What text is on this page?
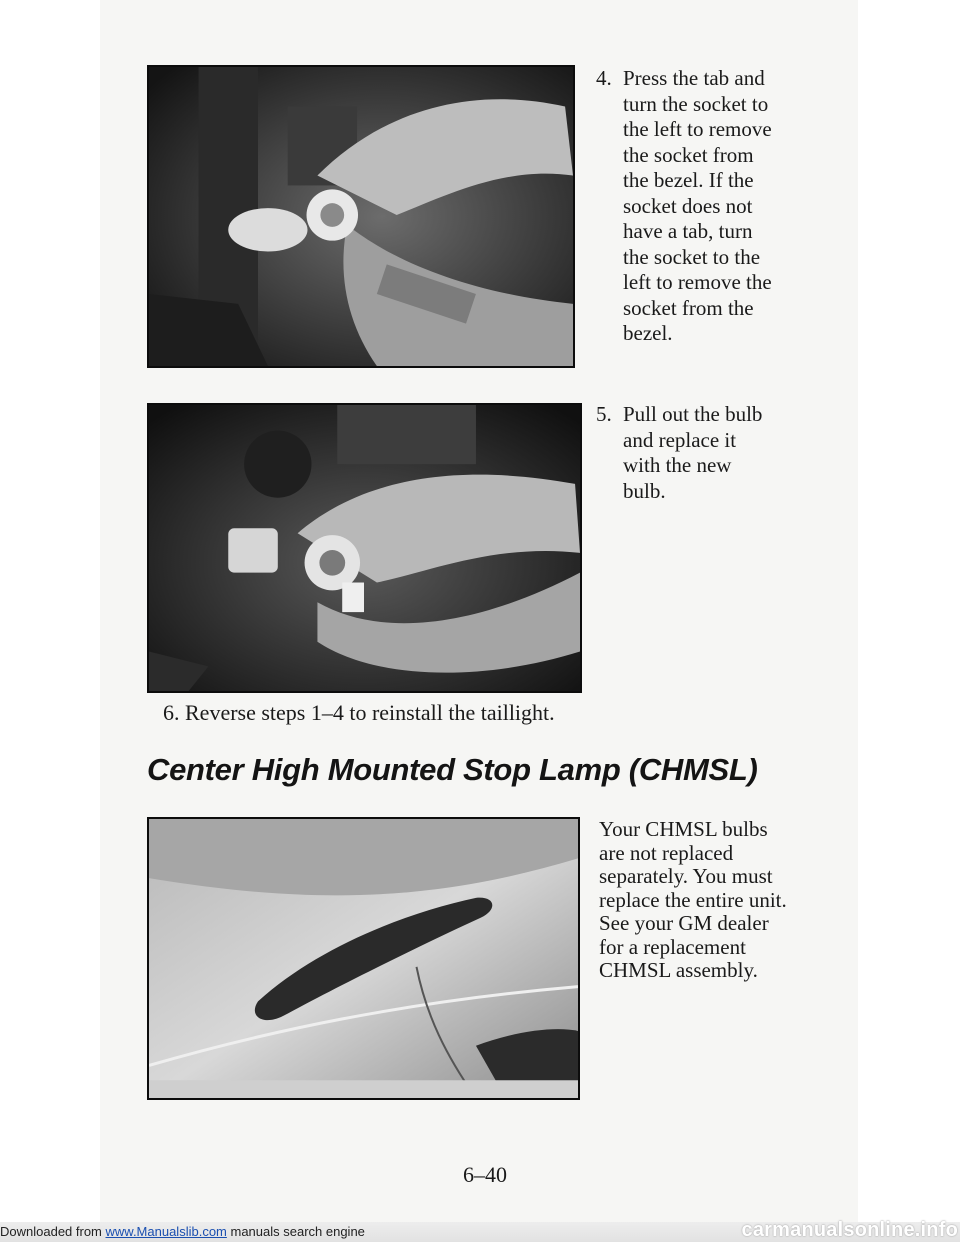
4. Press the tab and
turn the socket to
the left to remove
the socket from
the bezel. If the
socket does not
have a tab, turn
the socket to the
left to remove the
socket from the
bezel.
5. Pull out the bulb
and replace it
with the new
bulb.
6. Reverse steps 1–4 to reinstall the taillight.
Center High Mounted Stop Lamp (CHMSL)
Your CHMSL bulbs
are not replaced
separately. You must
replace the entire unit.
See your GM dealer
for a replacement
CHMSL assembly.
6–40
Downloaded from www.Manualslib.com manuals search engine	carmanualsonline.info
